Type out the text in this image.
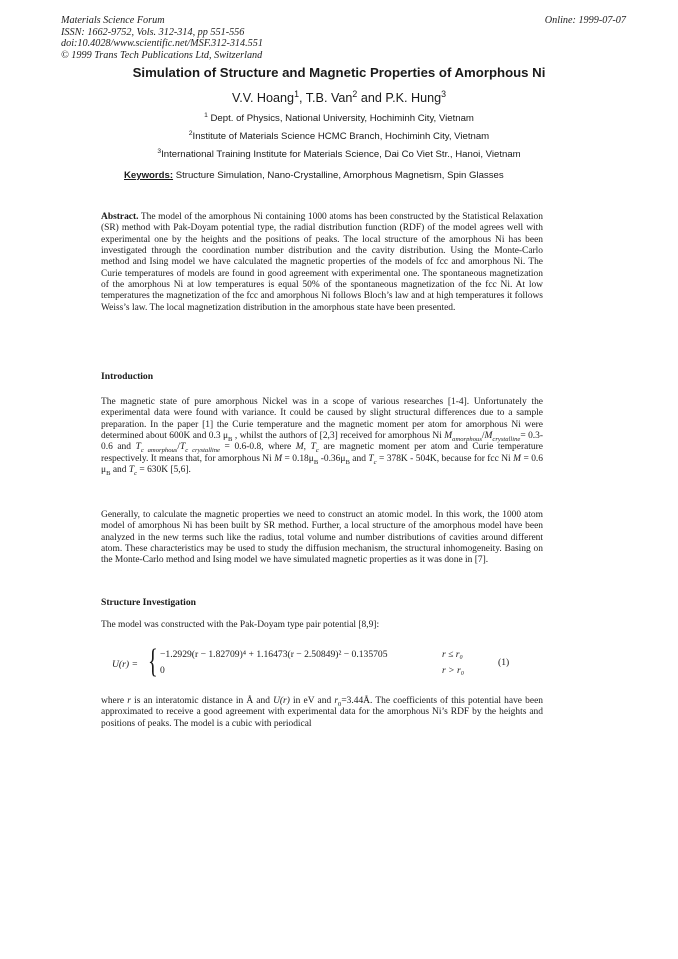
Materials Science Forum
ISSN: 1662-9752, Vols. 312-314, pp 551-556
doi:10.4028/www.scientific.net/MSF.312-314.551
© 1999 Trans Tech Publications Ltd, Switzerland
Online: 1999-07-07
Simulation of Structure and Magnetic Properties of Amorphous Ni
V.V. Hoang$^1$, T.B. Van$^2$ and P.K. Hung$^3$
$^1$ Dept. of Physics, National University, Hochiminh City, Vietnam
$^2$Institute of Materials Science HCMC Branch, Hochiminh City, Vietnam
$^3$International Training Institute for Materials Science, Dai Co Viet Str., Hanoi, Vietnam
Keywords: Structure Simulation, Nano-Crystalline, Amorphous Magnetism, Spin Glasses
Abstract. The model of the amorphous Ni containing 1000 atoms has been constructed by the Statistical Relaxation (SR) method with Pak-Doyam potential type, the radial distribution function (RDF) of the model agrees well with experimental one by the heights and the positions of peaks. The local structure of the amorphous Ni has been investigated through the coordination number distribution and the cavity distribution. Using the Monte-Carlo method and Ising model we have calculated the magnetic properties of the models of fcc and amorphous Ni. The Curie temperatures of models are found in good agreement with experimental one. The spontaneous magnetization of the amorphous Ni at low temperatures is equal 50% of the spontaneous magnetization of the fcc Ni. At low temperatures the magnetization of the fcc and amorphous Ni follows Bloch’s law and at high temperatures it follows Weiss’s law. The local magnetization distribution in the amorphous state have been presented.
Introduction
The magnetic state of pure amorphous Nickel was in a scope of various researches [1-4]. Unfortunately the experimental data were found with variance. It could be caused by slight structural differences due to a sample preparation. In the paper [1] the Curie temperature and the magnetic moment per atom for amorphous Ni were determined about 600K and 0.3 $\mu_B$ , whilst the authors of [2,3] received for amorphous Ni $M_{amorphous}/M_{crystalline}= 0.3-0.6$ and $T_{c amorphous}/T_{c crystalline} = 0.6-0.8$, where M, $T_c$ are magnetic moment per atom and Curie temperature respectively. It means that, for amorphous Ni $M = 0.18\mu_B$ $-0.36\mu_B$ and $T_c = 378K - 504K$, because for fcc Ni M = 0.6 $\mu_B$ and $T_c = 630K$ [5,6].
Generally, to calculate the magnetic properties we need to construct an atomic model. In this work, the 1000 atom model of amorphous Ni has been built by SR method. Further, a local structure of the amorphous model have been analyzed in the new terms such like the radius, total volume and number distributions of cavities around different atom. These characteristics may be used to study the diffusion mechanism, the structural inhomogeneity. Basing on the Monte-Carlo method and Ising model we have simulated magnetic properties as it was done in [7].
Structure Investigation
The model was constructed with the Pak-Doyam type pair potential [8,9]:
U(r) = { −1.2929(r − 1.82709)⁴ + 1.16473(r − 2.50849)² − 0.135705
0
r ≤ r₀
r > r₀
(1)
where r is an interatomic distance in Å and U(r) in eV and $r_0=3.44Å$. The coefficients of this potential have been approximated to receive a good agreement with experimental data for the amorphous Ni’s RDF by the heights and positions of peaks. The model is a cubic with periodical
